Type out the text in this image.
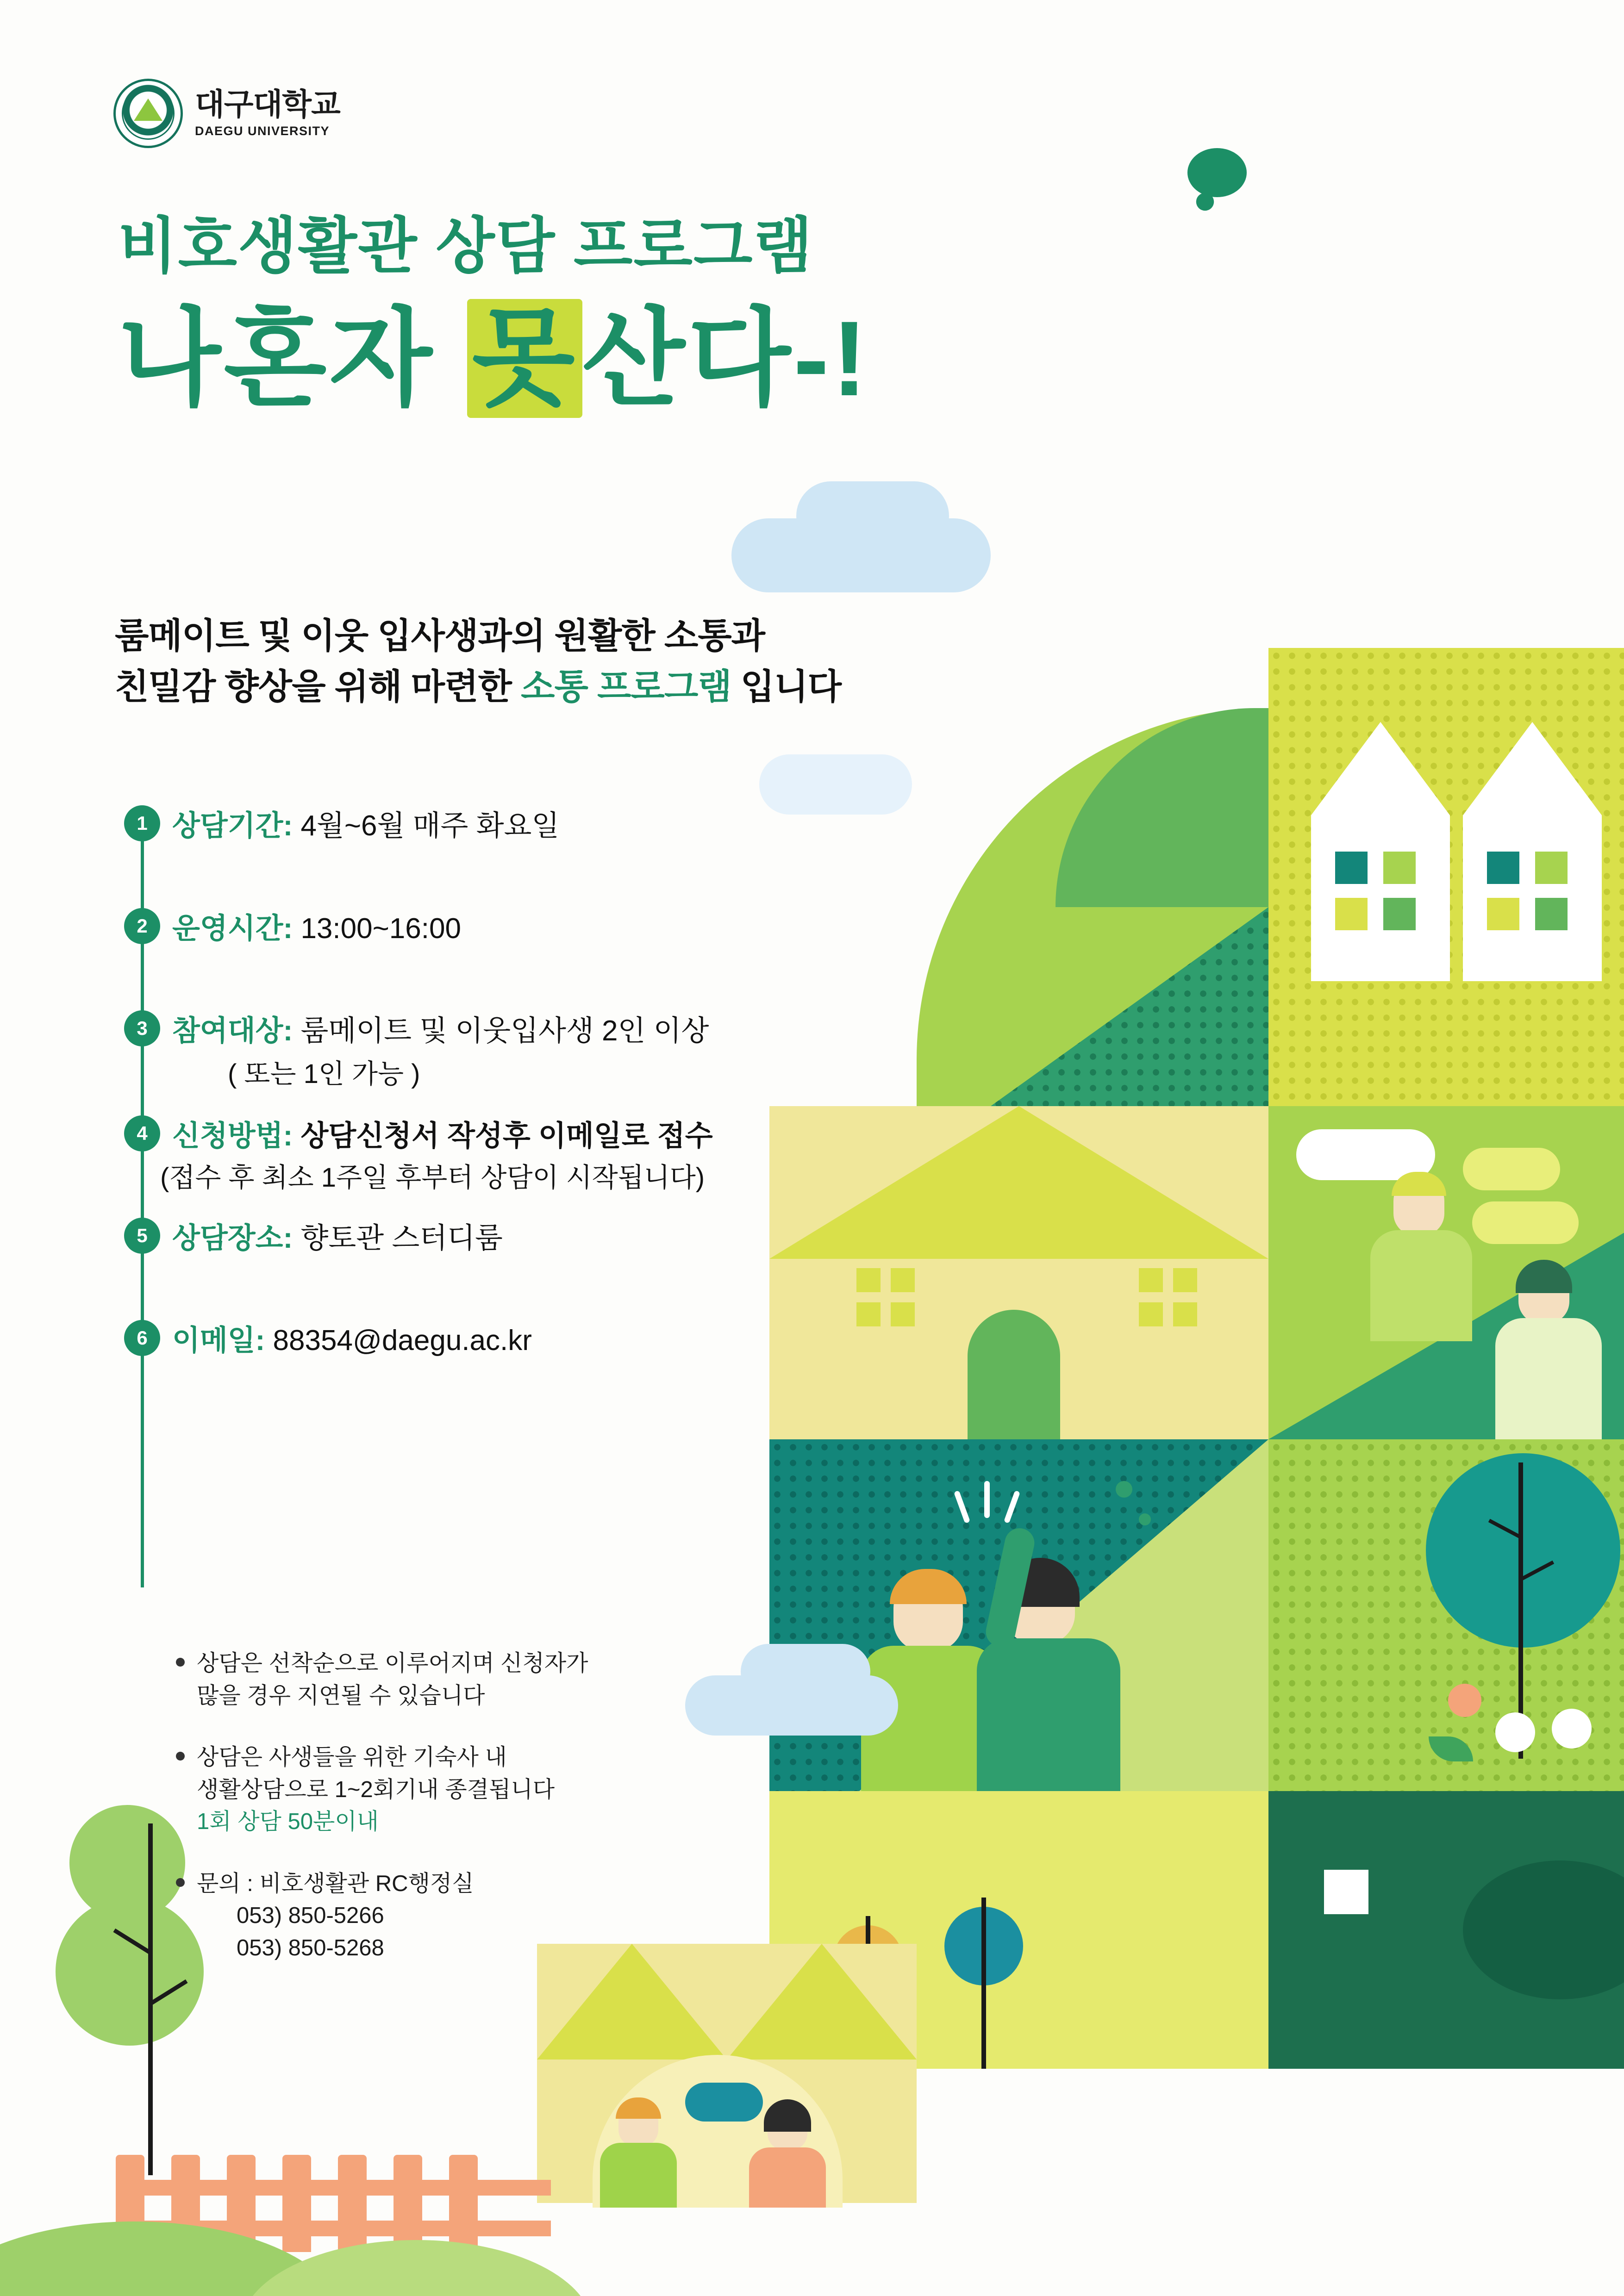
대구대학교
DAEGU UNIVERSITY
비호생활관 상담 프로그램
나혼자 못산다-!
룸메이트 및 이웃 입사생과의 원활한 소통과
친밀감 향상을 위해 마련한 소통 프로그램 입니다
1 상담기간: 4월~6월 매주 화요일
2 운영시간: 13:00~16:00
3 참여대상: 룸메이트 및 이웃입사생 2인 이상
( 또는 1인 가능 )
4 신청방법: 상담신청서 작성후 이메일로 접수
(접수 후 최소 1주일 후부터 상담이 시작됩니다)
5 상담장소: 향토관 스터디룸
6 이메일: 88354@daegu.ac.kr
상담은 선착순으로 이루어지며 신청자가
많을 경우 지연될 수 있습니다
상담은 사생들을 위한 기숙사 내
생활상담으로 1~2회기내 종결됩니다
1회 상담 50분이내
문의 : 비호생활관 RC행정실
053) 850-5266
053) 850-5268
